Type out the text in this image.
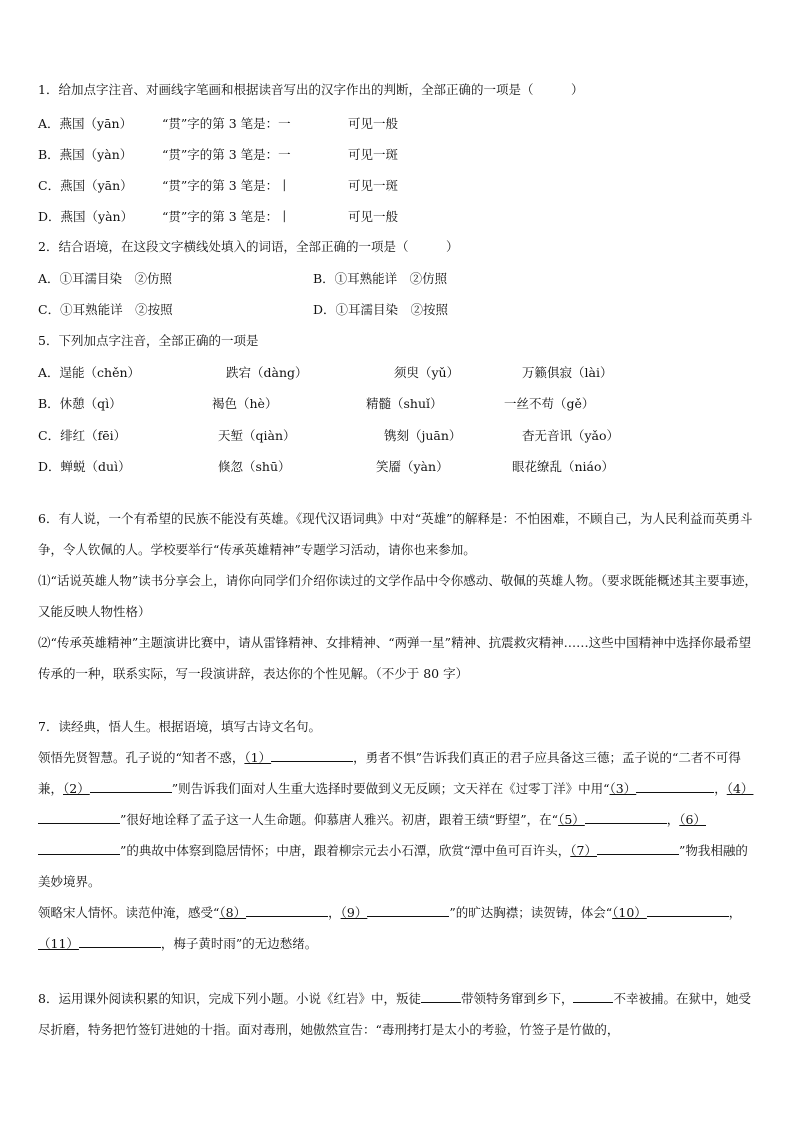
1．给加点字注音、对画线字笔画和根据读音写出的汉字作出的判断，全部正确的一项是（　　　）
A．燕国（yān） “贯”字的第 3 笔是：一	可见一般
B．燕国（yàn） “贯”字的第 3 笔是：一	可见一斑
C．燕国（yān） “贯”字的第 3 笔是：丨	可见一斑
D．燕国（yàn） “贯”字的第 3 笔是：丨	可见一般
2．结合语境，在这段文字横线处填入的词语，全部正确的一项是（　　　）
A．①耳濡目染　②仿照	B．①耳熟能详　②仿照
C．①耳熟能详　②按照	D．①耳濡目染　②按照
5．下列加点字注音，全部正确的一项是
A．逞能（chěn）	跌宕（dàng）	须臾（yǔ）	万籁俱寂（lài）
B．休憩（qì）	褐色（hè）	精髓（shuǐ）	一丝不苟（gě）
C．绯红（fēi）	天堑（qiàn）	镌刻（juān）	杳无音讯（yǎo）
D．蝉蜕（duì）	倏忽（shū）	笑靥（yàn）	眼花缭乱（niáo）
6．有人说，一个有希望的民族不能没有英雄。《现代汉语词典》中对“英雄”的解释是：不怕困难，不顾自己，为人民利益而英勇斗争，令人钦佩的人。学校要举行“传承英雄精神”专题学习活动，请你也来参加。
⑴“话说英雄人物”读书分享会上，请你向同学们介绍你读过的文学作品中令你感动、敬佩的英雄人物。（要求既能概述其主要事迹，又能反映人物性格）
⑵“传承英雄精神”主题演讲比赛中，请从雷锋精神、女排精神、“两弹一星”精神、抗震救灾精神……这些中国精神中选择你最希望传承的一种，联系实际，写一段演讲辞，表达你的个性见解。（不少于 80 字）
7．读经典，悟人生。根据语境，填写古诗文名句。
领悟先贤智慧。孔子说的“知者不惑，（1）	，勇者不惧”告诉我们真正的君子应具备这三德；孟子说的“二者不可得兼，（2）	”则告诉我们面对人生重大选择时要做到义无反顾；文天祥在《过零丁洋》中用“（3）	，（4）”很好地诠释了孟子这一人生命题。仰慕唐人雅兴。初唐，跟着王绩“野望”，在“（5）	，（6）”的典故中体察到隐居情怀；中唐，跟着柳宗元去小石潭，欣赏“潭中鱼可百许头，（7）	”物我相融的美妙境界。
领略宋人情怀。读范仲淹，感受“（8）	，（9）	”的旷达胸襟；读贺铸，体会“（10）	，（11）	，梅子黄时雨”的无边愁绪。
8．运用课外阅读积累的知识，完成下列小题。小说《红岩》中，叛徒	带领特务窜到乡下，	不幸被捕。在狱中，她受尽折磨，特务把竹签钉进她的十指。面对毒刑，她傲然宣告：“毒刑拷打是太小的考验，竹签子是竹做的，
